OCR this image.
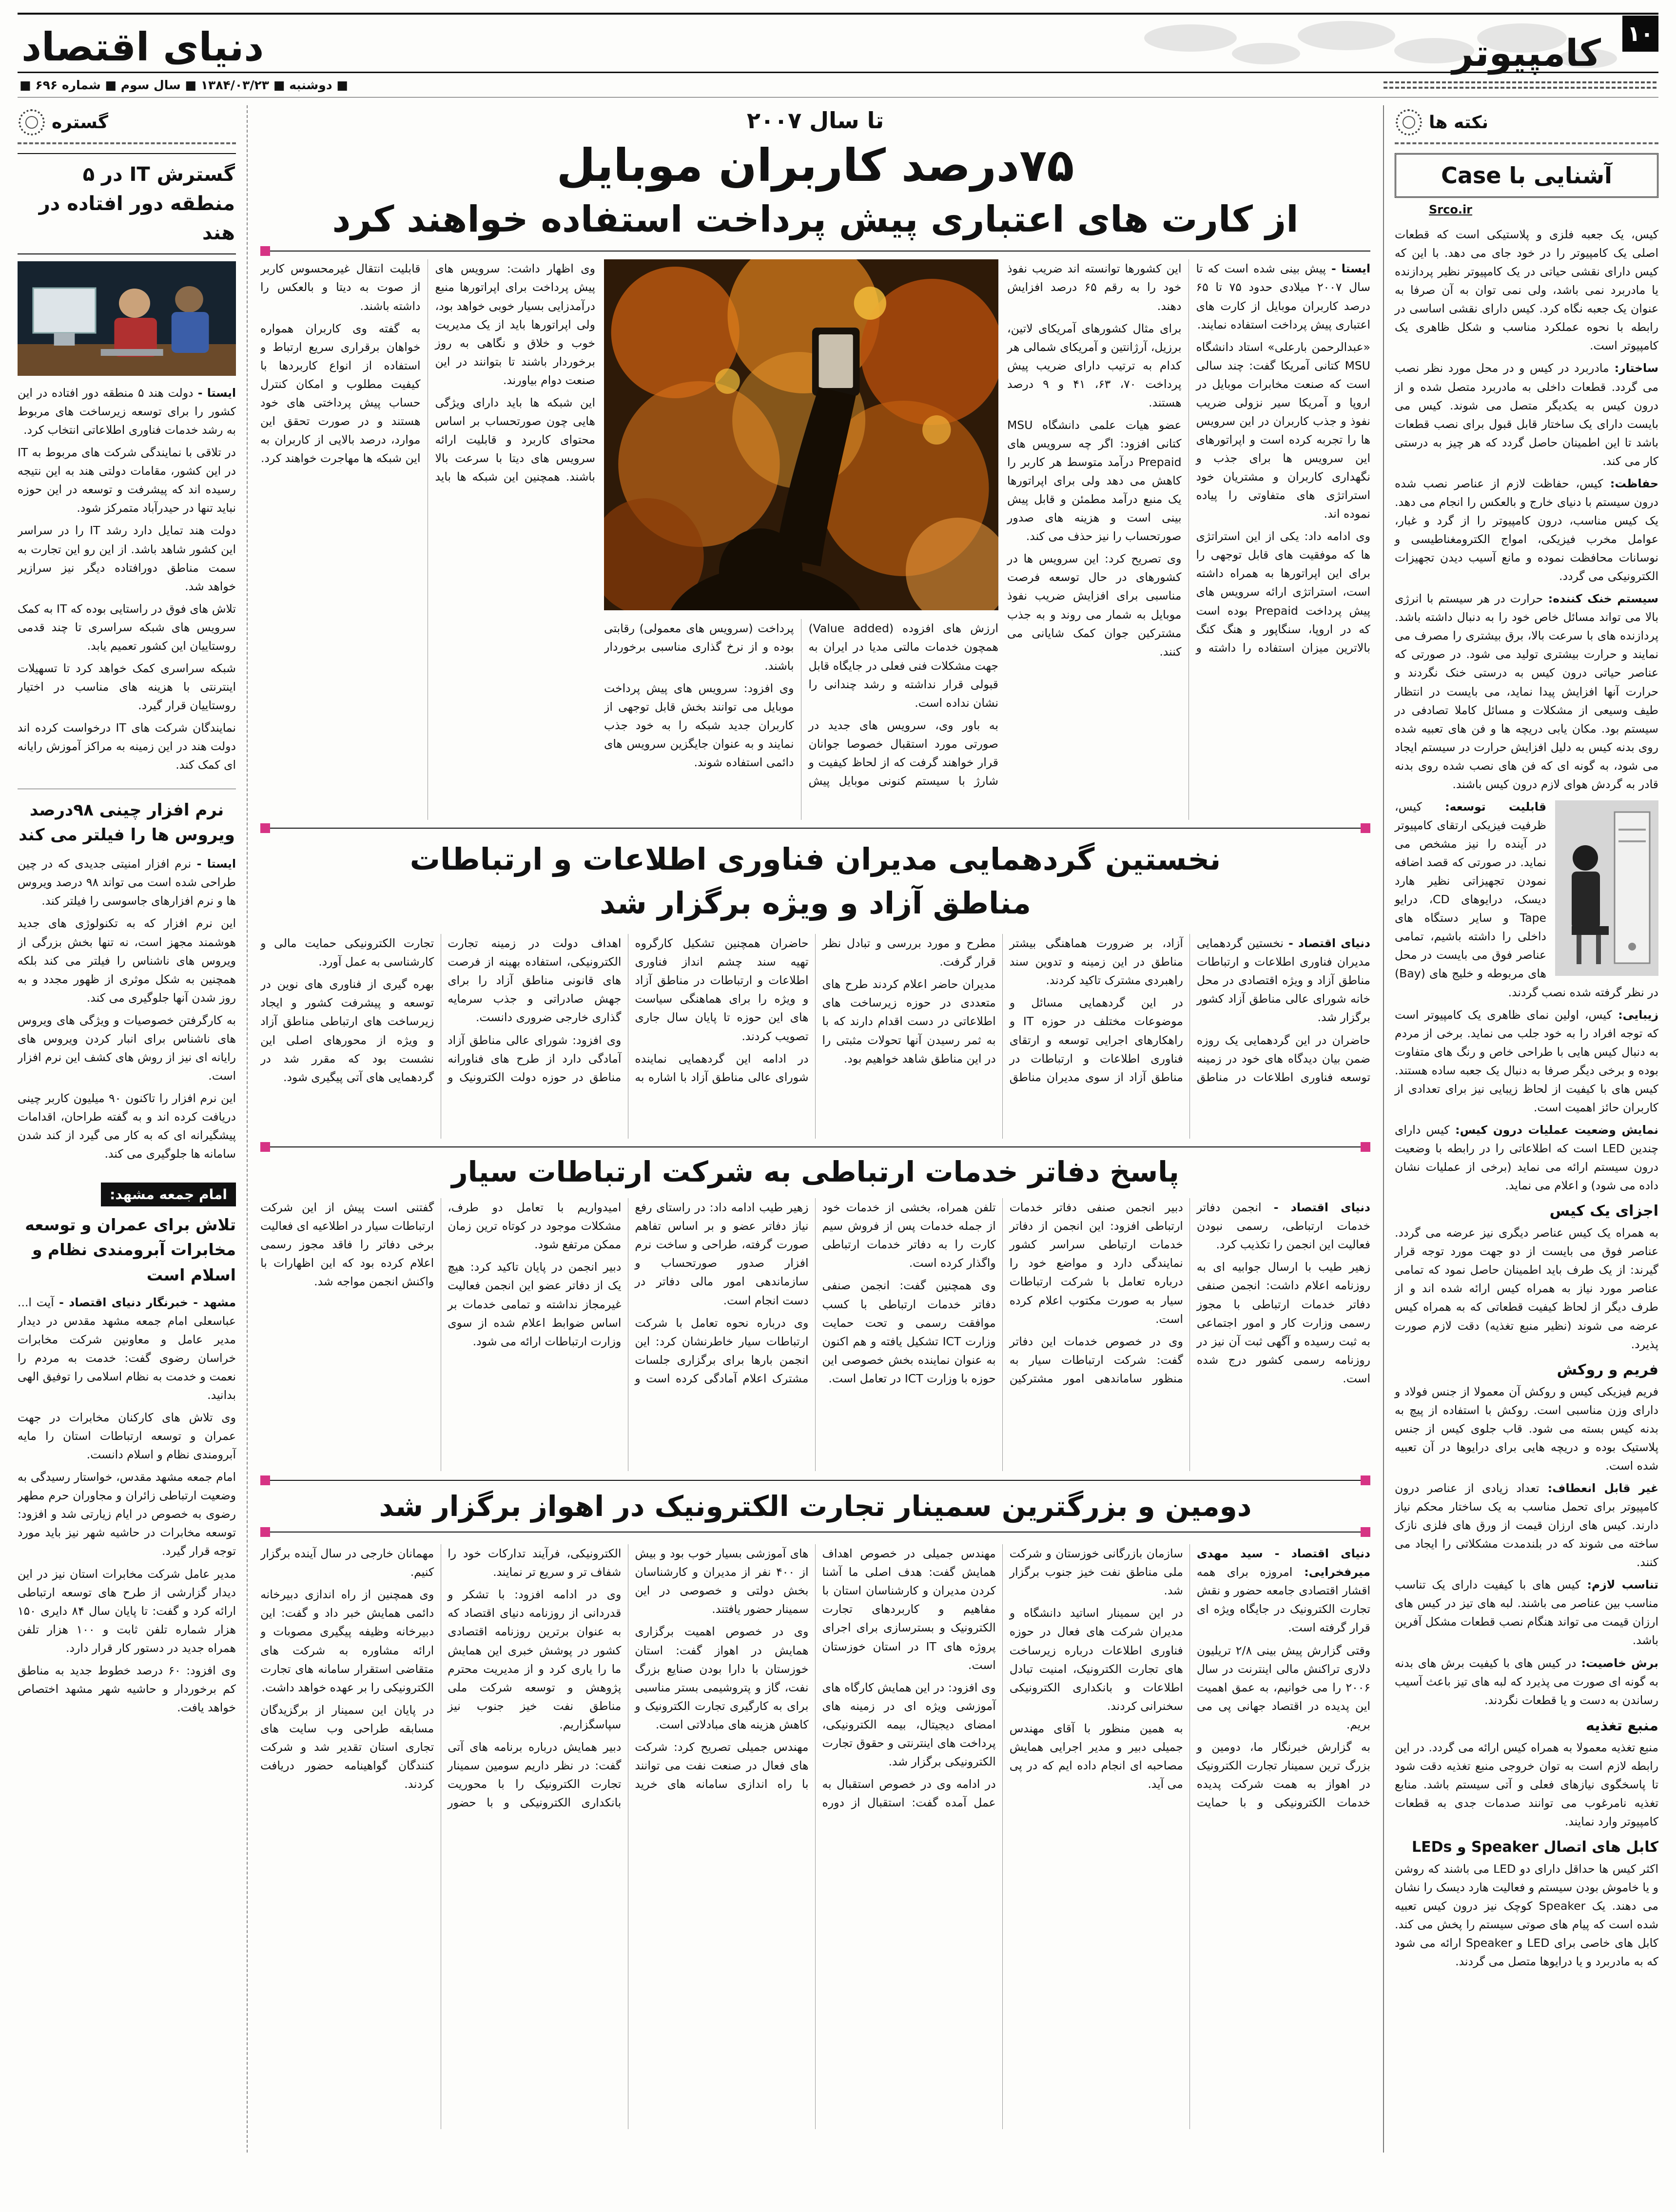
دنیای اقتصاد	کامپیوتر ۱۰
■ دوشنبه ■ ۱۳۸۴/۰۳/۲۳ ■ سال سوم ■ شماره ۶۹۶ ■
نکته ها
آشنایی با Case
Srco.ir

کیس، یک جعبه فلزی و پلاستیکی است که قطعات اصلی یک کامپیوتر را در خود جای می دهد. با این که کیس دارای نقشی حیاتی در یک کامپیوتر نظیر پردازنده یا مادربرد نمی باشد، ولی نمی توان به آن صرفا به عنوان یک جعبه نگاه کرد. کیس دارای نقشی اساسی در رابطه با نحوه عملکرد مناسب و شکل ظاهری یک کامپیوتر است.

ساختار: مادربرد در کیس و در محل مورد نظر نصب می گردد. قطعات داخلی به مادربرد متصل شده و از درون کیس به یکدیگر متصل می شوند. کیس می بایست دارای یک ساختار قابل قبول برای نصب قطعات باشد تا این اطمینان حاصل گردد که هر چیز به درستی کار می کند.

حفاظت: کیس، حفاظت لازم از عناصر نصب شده درون سیستم با دنیای خارج و بالعکس را انجام می دهد. یک کیس مناسب، درون کامپیوتر را از گرد و غبار، عوامل مخرب فیزیکی، امواج الکترومغناطیسی و نوسانات محافظت نموده و مانع آسیب دیدن تجهیزات الکترونیکی می گردد.

سیستم خنک کننده: حرارت در هر سیستم با انرژی بالا می تواند مسائل خاص خود را به دنبال داشته باشد. پردازنده های با سرعت بالا، برق بیشتری را مصرف می نمایند و حرارت بیشتری تولید می شود. در صورتی که عناصر حیاتی درون کیس به درستی خنک نگردند و حرارت آنها افزایش پیدا نماید، می بایست در انتظار طیف وسیعی از مشکلات و مسائل کاملا تصادفی در سیستم بود. مکان یابی دریچه ها و فن های تعبیه شده روی بدنه کیس به دلیل افزایش حرارت در سیستم ایجاد می شود، به گونه ای که فن های نصب شده روی بدنه قادر به گردش هوای لازم درون کیس باشند.

قابلیت توسعه: کیس، ظرفیت فیزیکی ارتقای کامپیوتر در آینده را نیز مشخص می نماید. در صورتی که قصد اضافه نمودن تجهیزاتی نظیر هارد دیسک، درایوهای CD، درایو Tape و سایر دستگاه های داخلی را داشته باشیم، تمامی عناصر فوق می بایست در محل های مربوطه و خلیج های (Bay) در نظر گرفته شده نصب گردند.

زیبایی: کیس، اولین نمای ظاهری یک کامپیوتر است که توجه افراد را به خود جلب می نماید. برخی از مردم به دنبال کیس هایی با طراحی خاص و رنگ های متفاوت بوده و برخی دیگر صرفا به دنبال یک جعبه ساده هستند. کیس های با کیفیت از لحاظ زیبایی نیز برای تعدادی از کاربران حائز اهمیت است.

نمایش وضعیت عملیات درون کیس: کیس دارای چندین LED است که اطلاعاتی را در رابطه با وضعیت درون سیستم ارائه می نماید (برخی از عملیات نشان داده می شود) و اعلام می نماید.

اجزای یک کیس

به همراه یک کیس عناصر دیگری نیز عرضه می گردد. عناصر فوق می بایست از دو جهت مورد توجه قرار گیرند: از یک طرف باید اطمینان حاصل نمود که تمامی عناصر مورد نیاز به همراه کیس ارائه شده اند و از طرف دیگر از لحاظ کیفیت قطعاتی که به همراه کیس عرضه می شوند (نظیر منبع تغذیه) دقت لازم صورت پذیرد.

فریم و روکش

فریم فیزیکی کیس و روکش آن معمولا از جنس فولاد و دارای وزن مناسبی است. روکش با استفاده از پیچ به بدنه کیس بسته می شود. قاب جلوی کیس از جنس پلاستیک بوده و دریچه هایی برای درایوها در آن تعبیه شده است.

غیر قابل انعطاف: تعداد زیادی از عناصر درون کامپیوتر برای تحمل مناسب به یک ساختار محکم نیاز دارند. کیس های ارزان قیمت از ورق های فلزی نازک ساخته می شوند که در بلندمدت مشکلاتی را ایجاد می کنند.

تناسب لازم: کیس های با کیفیت دارای یک تناسب مناسب بین عناصر می باشند. لبه های تیز در کیس های ارزان قیمت می تواند هنگام نصب قطعات مشکل آفرین باشد.

برش خاصیت: در کیس های با کیفیت برش های بدنه به گونه ای صورت می پذیرد که لبه های تیز باعث آسیب رساندن به دست و یا قطعات نگردند.

منبع تغذیه

منبع تغذیه معمولا به همراه کیس ارائه می گردد. در این رابطه لازم است به توان خروجی منبع تغذیه دقت شود تا پاسخگوی نیازهای فعلی و آتی سیستم باشد. منابع تغذیه نامرغوب می توانند صدمات جدی به قطعات کامپیوتر وارد نمایند.

کابل های اتصال Speaker و LEDs

اکثر کیس ها حداقل دارای دو LED می باشند که روشن و یا خاموش بودن سیستم و فعالیت هارد دیسک را نشان می دهند. یک Speaker کوچک نیز درون کیس تعبیه شده است که پیام های صوتی سیستم را پخش می کند. کابل های خاصی برای LED و Speaker ارائه می شود که به مادربرد و یا درایوها متصل می گردند.

تا سال ۲۰۰۷
۷۵درصد کاربران موبایل
از کارت های اعتباری پیش پرداخت استفاده خواهند کرد

ایستا - پیش بینی شده است که تا سال ۲۰۰۷ میلادی حدود ۷۵ تا ۶۵ درصد کاربران موبایل از کارت های اعتباری پیش پرداخت استفاده نمایند.

«عبدالرحمن بارعلی» استاد دانشگاه MSU کتانی آمریکا گفت: چند سالی است که صنعت مخابرات موبایل در اروپا و آمریکا سیر نزولی ضریب نفوذ و جذب کاربران در این سرویس ها را تجربه کرده است و اپراتورهای این سرویس ها برای جذب و نگهداری کاربران و مشتریان خود استراتژی های متفاوتی را پیاده نموده اند.

وی ادامه داد: یکی از این استراتژی ها که موفقیت های قابل توجهی را برای این اپراتورها به همراه داشته است، استراتژی ارائه سرویس های پیش پرداخت Prepaid بوده است که در اروپا، سنگاپور و هنگ کنگ بالاترین میزان استفاده را داشته و این کشورها توانسته اند ضریب نفوذ خود را به رقم ۶۵ درصد افزایش دهند.

برای مثال کشورهای آمریکای لاتین، برزیل، آرژانتین و آمریکای شمالی هر کدام به ترتیب دارای ضریب پیش پرداخت ۷۰، ۶۳، ۴۱ و ۹ درصد هستند.

عضو هیات علمی دانشگاه MSU کتانی افزود: اگر چه سرویس های Prepaid درآمد متوسط هر کاربر را کاهش می دهد ولی برای اپراتورها یک منبع درآمد مطمئن و قابل پیش بینی است و هزینه های صدور صورتحساب را نیز حذف می کند.

وی تصریح کرد: این سرویس ها در کشورهای در حال توسعه فرصت مناسبی برای افزایش ضریب نفوذ موبایل به شمار می روند و به جذب مشترکین جوان کمک شایانی می کنند.

ارزش های افزوده (Value added) همچون خدمات مالتی مدیا در ایران به جهت مشکلات فنی فعلی در جایگاه قابل قبولی قرار نداشته و رشد چندانی را نشان نداده است.

به باور وی، سرویس های جدید در صورتی مورد استقبال خصوصا جوانان قرار خواهند گرفت که از لحاظ کیفیت و شارژ با سیستم کنونی موبایل پیش پرداخت (سرویس های معمولی) رقابتی بوده و از نرخ گذاری مناسبی برخوردار باشند.

وی افزود: سرویس های پیش پرداخت موبایل می توانند بخش قابل توجهی از کاربران جدید شبکه را به خود جذب نمایند و به عنوان جایگزین سرویس های دائمی استفاده شوند.

وی اظهار داشت: سرویس های پیش پرداخت برای اپراتورها منبع درآمدزایی بسیار خوبی خواهد بود، ولی اپراتورها باید از یک مدیریت خوب و خلاق و نگاهی به روز برخوردار باشند تا بتوانند در این صنعت دوام بیاورند.

این شبکه ها باید دارای ویژگی هایی چون صورتحساب بر اساس محتوای کاربرد و قابلیت ارائه سرویس های دیتا با سرعت بالا باشند. همچنین این شبکه ها باید قابلیت انتقال غیرمحسوس کاربر از صوت به دیتا و بالعکس را داشته باشند.

به گفته وی کاربران همواره خواهان برقراری سریع ارتباط و استفاده از انواع کاربردها با کیفیت مطلوب و امکان کنترل حساب پیش پرداختی های خود هستند و در صورت تحقق این موارد، درصد بالایی از کاربران به این شبکه ها مهاجرت خواهند کرد.

نخستین گردهمایی مدیران فناوری اطلاعات و ارتباطات
مناطق آزاد و ویژه برگزار شد

دنیای اقتصاد - نخستین گردهمایی مدیران فناوری اطلاعات و ارتباطات مناطق آزاد و ویژه اقتصادی در محل خانه شورای عالی مناطق آزاد کشور برگزار شد.

حاضران در این گردهمایی یک روزه ضمن بیان دیدگاه های خود در زمینه توسعه فناوری اطلاعات در مناطق آزاد، بر ضرورت هماهنگی بیشتر مناطق در این زمینه و تدوین سند راهبردی مشترک تاکید کردند.

در این گردهمایی مسائل و موضوعات مختلف در حوزه IT و راهکارهای اجرایی توسعه و ارتقای فناوری اطلاعات و ارتباطات در مناطق آزاد از سوی مدیران مناطق مطرح و مورد بررسی و تبادل نظر قرار گرفت.

مدیران حاضر اعلام کردند طرح های متعددی در حوزه زیرساخت های اطلاعاتی در دست اقدام دارند که با به ثمر رسیدن آنها تحولات مثبتی را در این مناطق شاهد خواهیم بود.

حاضران همچنین تشکیل کارگروه تهیه سند چشم انداز فناوری اطلاعات و ارتباطات در مناطق آزاد و ویژه را برای هماهنگی سیاست های این حوزه تا پایان سال جاری تصویب کردند.

در ادامه این گردهمایی نماینده شورای عالی مناطق آزاد با اشاره به اهداف دولت در زمینه تجارت الکترونیکی، استفاده بهینه از فرصت های قانونی مناطق آزاد را برای جهش صادراتی و جذب سرمایه گذاری خارجی ضروری دانست.

وی افزود: شورای عالی مناطق آزاد آمادگی دارد از طرح های فناورانه مناطق در حوزه دولت الکترونیک و تجارت الکترونیکی حمایت مالی و کارشناسی به عمل آورد.

بهره گیری از فناوری های نوین در توسعه و پیشرفت کشور و ایجاد زیرساخت های ارتباطی مناطق آزاد و ویژه از محورهای اصلی این نشست بود که مقرر شد در گردهمایی های آتی پیگیری شود.

پاسخ دفاتر خدمات ارتباطی به شرکت ارتباطات سیار

دنیای اقتصاد - انجمن دفاتر خدمات ارتباطی، رسمی نبودن فعالیت این انجمن را تکذیب کرد.

زهیر طیب با ارسال جوابیه ای به روزنامه اعلام داشت: انجمن صنفی دفاتر خدمات ارتباطی با مجوز رسمی وزارت کار و امور اجتماعی به ثبت رسیده و آگهی ثبت آن نیز در روزنامه رسمی کشور درج شده است.

دبیر انجمن صنفی دفاتر خدمات ارتباطی افزود: این انجمن از دفاتر خدمات ارتباطی سراسر کشور نمایندگی دارد و مواضع خود را درباره تعامل با شرکت ارتباطات سیار به صورت مکتوب اعلام کرده است.

وی در خصوص خدمات این دفاتر گفت: شرکت ارتباطات سیار به منظور ساماندهی امور مشترکین تلفن همراه، بخشی از خدمات خود از جمله خدمات پس از فروش سیم کارت را به دفاتر خدمات ارتباطی واگذار کرده است.

وی همچنین گفت: انجمن صنفی دفاتر خدمات ارتباطی با کسب موافقت رسمی و تحت حمایت وزارت ICT تشکیل یافته و هم اکنون به عنوان نماینده بخش خصوصی این حوزه با وزارت ICT در تعامل است.

زهیر طیب ادامه داد: در راستای رفع نیاز دفاتر عضو و بر اساس تفاهم صورت گرفته، طراحی و ساخت نرم افزار صدور صورتحساب و سازماندهی امور مالی دفاتر در دست انجام است.

وی درباره نحوه تعامل با شرکت ارتباطات سیار خاطرنشان کرد: این انجمن بارها برای برگزاری جلسات مشترک اعلام آمادگی کرده است و امیدواریم با تعامل دو طرف، مشکلات موجود در کوتاه ترین زمان ممکن مرتفع شود.

دبیر انجمن در پایان تاکید کرد: هیچ یک از دفاتر عضو این انجمن فعالیت غیرمجاز نداشته و تمامی خدمات بر اساس ضوابط اعلام شده از سوی وزارت ارتباطات ارائه می شود.

گفتنی است پیش از این شرکت ارتباطات سیار در اطلاعیه ای فعالیت برخی دفاتر را فاقد مجوز رسمی اعلام کرده بود که این اظهارات با واکنش انجمن مواجه شد.

دومین و بزرگترین سمینار تجارت الکترونیک در اهواز برگزار شد

دنیای اقتصاد - سید مهدی میرفخرایی: امروزه برای همه اقشار اقتصادی جامعه حضور و نقش تجارت الکترونیک در جایگاه ویژه ای قرار گرفته است.

وقتی گزارش پیش بینی ۲/۸ تریلیون دلاری تراکنش مالی اینترنت در سال ۲۰۰۶ را می خوانیم، به عمق اهمیت این پدیده در اقتصاد جهانی پی می بریم.

به گزارش خبرنگار ما، دومین و بزرگ ترین سمینار تجارت الکترونیک در اهواز به همت شرکت پدیده خدمات الکترونیکی و با حمایت سازمان بازرگانی خوزستان و شرکت ملی مناطق نفت خیز جنوب برگزار شد.

در این سمینار اساتید دانشگاه و مدیران شرکت های فعال در حوزه فناوری اطلاعات درباره زیرساخت های تجارت الکترونیک، امنیت تبادل اطلاعات و بانکداری الکترونیکی سخنرانی کردند.

به همین منظور با آقای مهندس جمیلی دبیر و مدیر اجرایی همایش مصاحبه ای انجام داده ایم که در پی می آید.

مهندس جمیلی در خصوص اهداف همایش گفت: هدف اصلی ما آشنا کردن مدیران و کارشناسان استان با مفاهیم و کاربردهای تجارت الکترونیک و بسترسازی برای اجرای پروژه های IT در استان خوزستان است.

وی افزود: در این همایش کارگاه های آموزشی ویژه ای در زمینه های امضای دیجیتال، بیمه الکترونیکی، پرداخت های اینترنتی و حقوق تجارت الکترونیکی برگزار شد.

در ادامه وی در خصوص استقبال به عمل آمده گفت: استقبال از دوره های آموزشی بسیار خوب بود و بیش از ۴۰۰ نفر از مدیران و کارشناسان بخش دولتی و خصوصی در این سمینار حضور یافتند.

وی در خصوص اهمیت برگزاری همایش در اهواز گفت: استان خوزستان با دارا بودن صنایع بزرگ نفت، گاز و پتروشیمی بستر مناسبی برای به کارگیری تجارت الکترونیک و کاهش هزینه های مبادلاتی است.

مهندس جمیلی تصریح کرد: شرکت های فعال در صنعت نفت می توانند با راه اندازی سامانه های خرید الکترونیکی، فرآیند تدارکات خود را شفاف تر و سریع تر نمایند.

وی در ادامه افزود: با تشکر و قدردانی از روزنامه دنیای اقتصاد که به عنوان برترین روزنامه اقتصادی کشور در پوشش خبری این همایش ما را یاری کرد و از مدیریت محترم پژوهش و توسعه شرکت ملی مناطق نفت خیز جنوب نیز سپاسگزاریم.

دبیر همایش درباره برنامه های آتی گفت: در نظر داریم سومین سمینار تجارت الکترونیک را با محوریت بانکداری الکترونیکی و با حضور مهمانان خارجی در سال آینده برگزار کنیم.

وی همچنین از راه اندازی دبیرخانه دائمی همایش خبر داد و گفت: این دبیرخانه وظیفه پیگیری مصوبات و ارائه مشاوره به شرکت های متقاضی استقرار سامانه های تجارت الکترونیکی را بر عهده خواهد داشت.

در پایان این سمینار از برگزیدگان مسابقه طراحی وب سایت های تجاری استان تقدیر شد و شرکت کنندگان گواهینامه حضور دریافت کردند.

گستره
گسترش IT در ۵ منطقه دور افتاده در هند

ایستا - دولت هند ۵ منطقه دور افتاده در این کشور را برای توسعه زیرساخت های مربوط به رشد خدمات فناوری اطلاعاتی انتخاب کرد.

در تلاقی با نمایندگی شرکت های مربوط به IT در این کشور، مقامات دولتی هند به این نتیجه رسیده اند که پیشرفت و توسعه در این حوزه نباید تنها در حیدرآباد متمرکز شود.

دولت هند تمایل دارد رشد IT را در سراسر این کشور شاهد باشد. از این رو این تجارت به سمت مناطق دورافتاده دیگر نیز سرازیر خواهد شد.

تلاش های فوق در راستایی بوده که IT به کمک سرویس های شبکه سراسری تا چند قدمی روستاییان این کشور تعمیم یابد.

شبکه سراسری کمک خواهد کرد تا تسهیلات اینترنتی با هزینه های مناسب در اختیار روستاییان قرار گیرد.

نمایندگان شرکت های IT درخواست کرده اند دولت هند در این زمینه به مراکز آموزش رایانه ای کمک کند.

نرم افزار چینی ۹۸درصد ویروس ها را فیلتر می کند

ایستا - نرم افزار امنیتی جدیدی که در چین طراحی شده است می تواند ۹۸ درصد ویروس ها و نرم افزارهای جاسوسی را فیلتر کند.

این نرم افزار که به تکنولوژی های جدید هوشمند مجهز است، نه تنها بخش بزرگی از ویروس های ناشناس را فیلتر می کند بلکه همچنین به شکل موثری از ظهور مجدد و به روز شدن آنها جلوگیری می کند.

به کارگرفتن خصوصیات و ویژگی های ویروس های ناشناس برای انبار کردن ویروس های رایانه ای نیز از روش های کشف این نرم افزار است.

این نرم افزار را تاکنون ۹۰ میلیون کاربر چینی دریافت کرده اند و به گفته طراحان، اقدامات پیشگیرانه ای که به کار می گیرد از کند شدن سامانه ها جلوگیری می کند.

امام جمعه مشهد:
تلاش برای عمران و توسعه مخابرات آبرومندی نظام و اسلام است

مشهد - خبرنگار دنیای اقتصاد - آیت ا... عباسعلی امام جمعه مشهد مقدس در دیدار مدیر عامل و معاونین شرکت مخابرات خراسان رضوی گفت: خدمت به مردم را نعمت و خدمت به نظام اسلامی را توفیق الهی بدانید.

وی تلاش های کارکنان مخابرات در جهت عمران و توسعه ارتباطات استان را مایه آبرومندی نظام و اسلام دانست.

امام جمعه مشهد مقدس، خواستار رسیدگی به وضعیت ارتباطی زائران و مجاوران حرم مطهر رضوی به خصوص در ایام زیارتی شد و افزود: توسعه مخابرات در حاشیه شهر نیز باید مورد توجه قرار گیرد.

مدیر عامل شرکت مخابرات استان نیز در این دیدار گزارشی از طرح های توسعه ارتباطی ارائه کرد و گفت: تا پایان سال ۸۴ دایری ۱۵۰ هزار شماره تلفن ثابت و ۱۰۰ هزار تلفن همراه جدید در دستور کار قرار دارد.

وی افزود: ۶۰ درصد خطوط جدید به مناطق کم برخوردار و حاشیه شهر مشهد اختصاص خواهد یافت.
